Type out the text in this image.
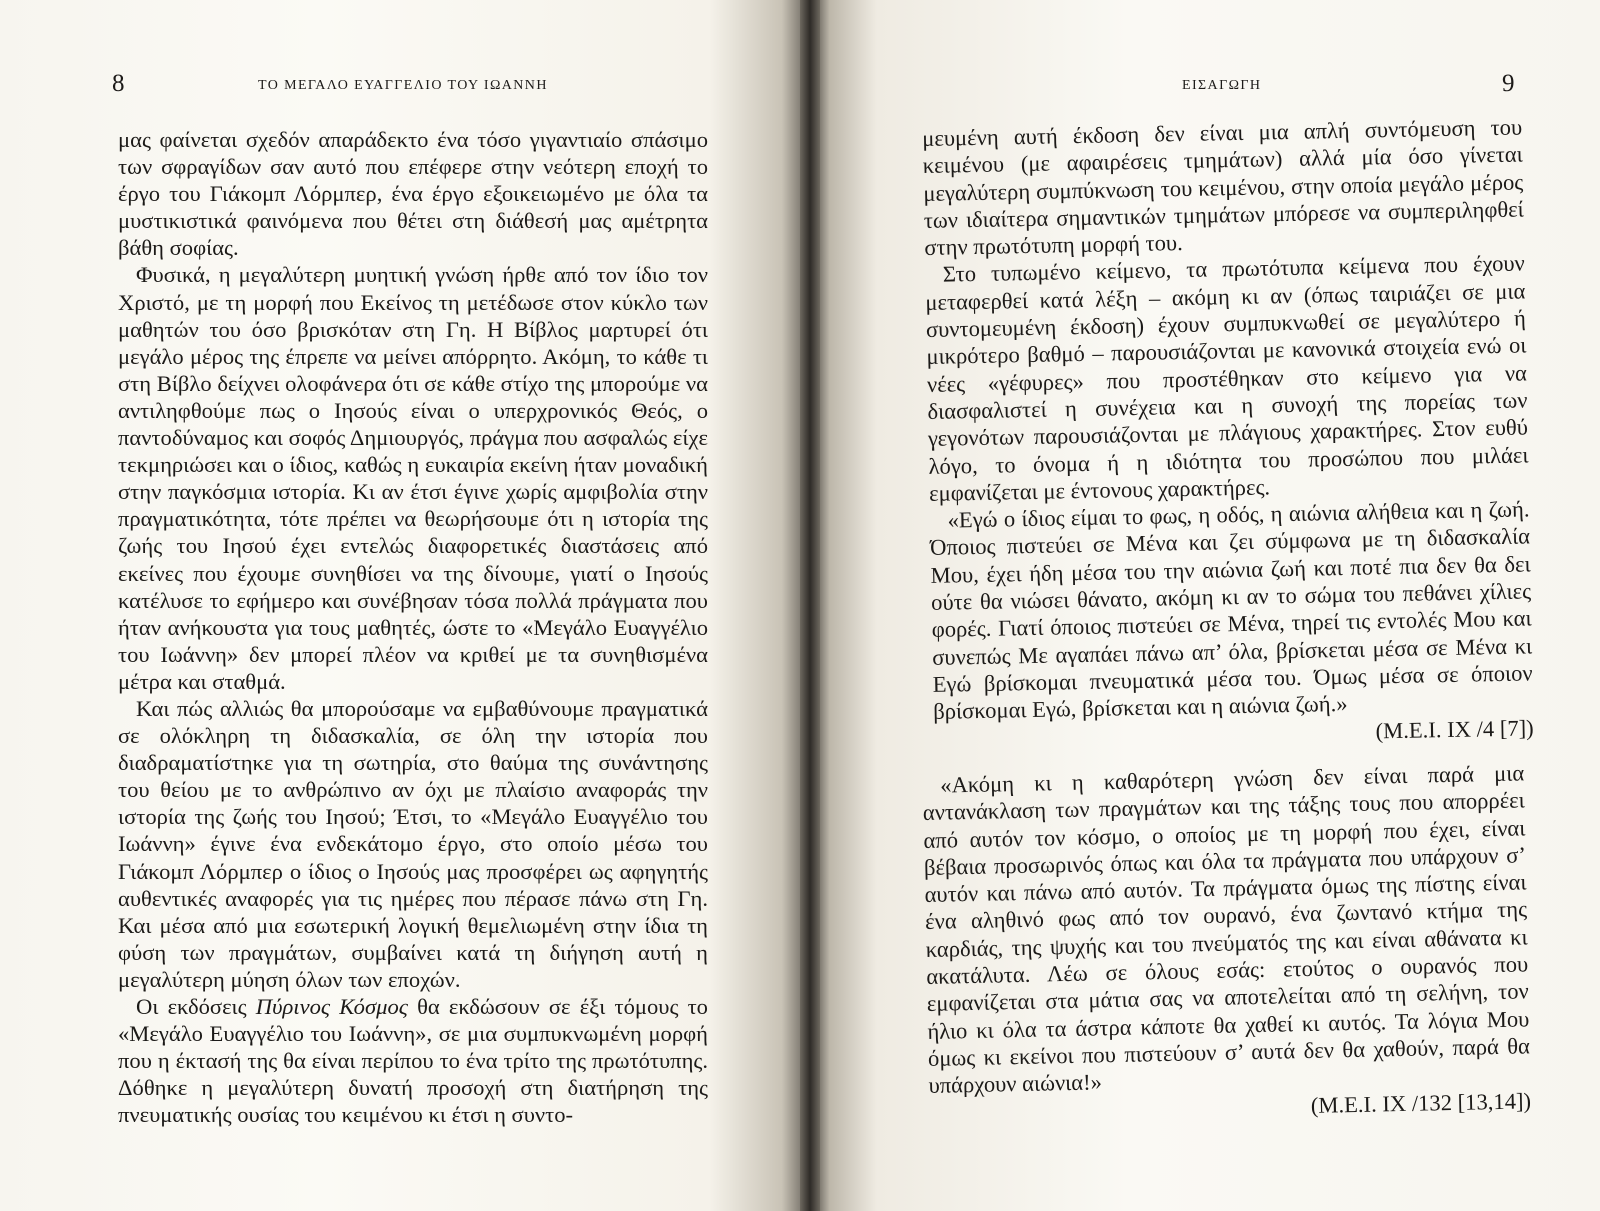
8	ΤΟ ΜΕΓΑΛΟ ΕΥΑΓΓΕΛΙΟ ΤΟΥ ΙΩΑΝΝΗ

μας φαίνεται σχεδόν απαράδεκτο ένα τόσο γιγαντιαίο σπάσιμο των σφραγίδων σαν αυτό που επέφερε στην νεότερη εποχή το έργο του Γιάκομπ Λόρμπερ, ένα έργο εξοικειωμένο με όλα τα μυστικιστικά φαινόμενα που θέτει στη διάθεσή μας αμέτρητα βάθη σοφίας.

Φυσικά, η μεγαλύτερη μυητική γνώση ήρθε από τον ίδιο τον Χριστό, με τη μορφή που Εκείνος τη μετέδωσε στον κύκλο των μαθητών του όσο βρισκόταν στη Γη. Η Βίβλος μαρτυρεί ότι μεγάλο μέρος της έπρεπε να μείνει απόρρητο. Ακόμη, το κάθε τι στη Βίβλο δείχνει ολοφάνερα ότι σε κάθε στίχο της μπορούμε να αντιληφθούμε πως ο Ιησούς είναι ο υπερχρονικός Θεός, ο παντοδύναμος και σοφός Δημιουργός, πράγμα που ασφαλώς είχε τεκμηριώσει και ο ίδιος, καθώς η ευκαιρία εκείνη ήταν μοναδική στην παγκόσμια ιστορία. Κι αν έτσι έγινε χωρίς αμφιβολία στην πραγματικότητα, τότε πρέπει να θεωρήσουμε ότι η ιστορία της ζωής του Ιησού έχει εντελώς διαφορετικές διαστάσεις από εκείνες που έχουμε συνηθίσει να της δίνουμε, γιατί ο Ιησούς κατέλυσε το εφήμερο και συνέβησαν τόσα πολλά πράγματα που ήταν ανήκουστα για τους μαθητές, ώστε το «Μεγάλο Ευαγγέλιο του Ιωάννη» δεν μπορεί πλέον να κριθεί με τα συνηθισμένα μέτρα και σταθμά.

Και πώς αλλιώς θα μπορούσαμε να εμβαθύνουμε πραγματικά σε ολόκληρη τη διδασκαλία, σε όλη την ιστορία που διαδραματίστηκε για τη σωτηρία, στο θαύμα της συνάντησης του θείου με το ανθρώπινο αν όχι με πλαίσιο αναφοράς την ιστορία της ζωής του Ιησού; Έτσι, το «Μεγάλο Ευαγγέλιο του Ιωάννη» έγινε ένα ενδεκάτομο έργο, στο οποίο μέσω του Γιάκομπ Λόρμπερ ο ίδιος ο Ιησούς μας προσφέρει ως αφηγητής αυθεντικές αναφορές για τις ημέρες που πέρασε πάνω στη Γη. Και μέσα από μια εσωτερική λογική θεμελιωμένη στην ίδια τη φύση των πραγμάτων, συμβαίνει κατά τη διήγηση αυτή η μεγαλύτερη μύηση όλων των εποχών.

Οι εκδόσεις Πύρινος Κόσμος θα εκδώσουν σε έξι τόμους το «Μεγάλο Ευαγγέλιο του Ιωάννη», σε μια συμπυκνωμένη μορφή που η έκτασή της θα είναι περίπου το ένα τρίτο της πρωτότυπης. Δόθηκε η μεγαλύτερη δυνατή προσοχή στη διατήρηση της πνευματικής ουσίας του κειμένου κι έτσι η συντο-

ΕΙΣΑΓΩΓΗ	9

μευμένη αυτή έκδοση δεν είναι μια απλή συντόμευση του κειμένου (με αφαιρέσεις τμημάτων) αλλά μία όσο γίνεται μεγαλύτερη συμπύκνωση του κειμένου, στην οποία μεγάλο μέρος των ιδιαίτερα σημαντικών τμημάτων μπόρεσε να συμπεριληφθεί στην πρωτότυπη μορφή του.

Στο τυπωμένο κείμενο, τα πρωτότυπα κείμενα που έχουν μεταφερθεί κατά λέξη – ακόμη κι αν (όπως ταιριάζει σε μια συντομευμένη έκδοση) έχουν συμπυκνωθεί σε μεγαλύτερο ή μικρότερο βαθμό – παρουσιάζονται με κανονικά στοιχεία ενώ οι νέες «γέφυρες» που προστέθηκαν στο κείμενο για να διασφαλιστεί η συνέχεια και η συνοχή της πορείας των γεγονότων παρουσιάζονται με πλάγιους χαρακτήρες. Στον ευθύ λόγο, το όνομα ή η ιδιότητα του προσώπου που μιλάει εμφανίζεται με έντονους χαρακτήρες.

«Εγώ ο ίδιος είμαι το φως, η οδός, η αιώνια αλήθεια και η ζωή. Όποιος πιστεύει σε Μένα και ζει σύμφωνα με τη διδασκαλία Μου, έχει ήδη μέσα του την αιώνια ζωή και ποτέ πια δεν θα δει ούτε θα νιώσει θάνατο, ακόμη κι αν το σώμα του πεθάνει χίλιες φορές. Γιατί όποιος πιστεύει σε Μένα, τηρεί τις εντολές Μου και συνεπώς Με αγαπάει πάνω απ’ όλα, βρίσκεται μέσα σε Μένα κι Εγώ βρίσκομαι πνευματικά μέσα του. Όμως μέσα σε όποιον βρίσκομαι Εγώ, βρίσκεται και η αιώνια ζωή.»

(Μ.Ε.Ι. IX /4 [7])

«Ακόμη κι η καθαρότερη γνώση δεν είναι παρά μια αντανάκλαση των πραγμάτων και της τάξης τους που απορρέει από αυτόν τον κόσμο, ο οποίος με τη μορφή που έχει, είναι βέβαια προσωρινός όπως και όλα τα πράγματα που υπάρχουν σ’ αυτόν και πάνω από αυτόν. Τα πράγματα όμως της πίστης είναι ένα αληθινό φως από τον ουρανό, ένα ζωντανό κτήμα της καρδιάς, της ψυχής και του πνεύματός της και είναι αθάνατα κι ακατάλυτα. Λέω σε όλους εσάς: ετούτος ο ουρανός που εμφανίζεται στα μάτια σας να αποτελείται από τη σελήνη, τον ήλιο κι όλα τα άστρα κάποτε θα χαθεί κι αυτός. Τα λόγια Μου όμως κι εκείνοι που πιστεύουν σ’ αυτά δεν θα χαθούν, παρά θα υπάρχουν αιώνια!»

(Μ.Ε.Ι. IX /132 [13,14])
